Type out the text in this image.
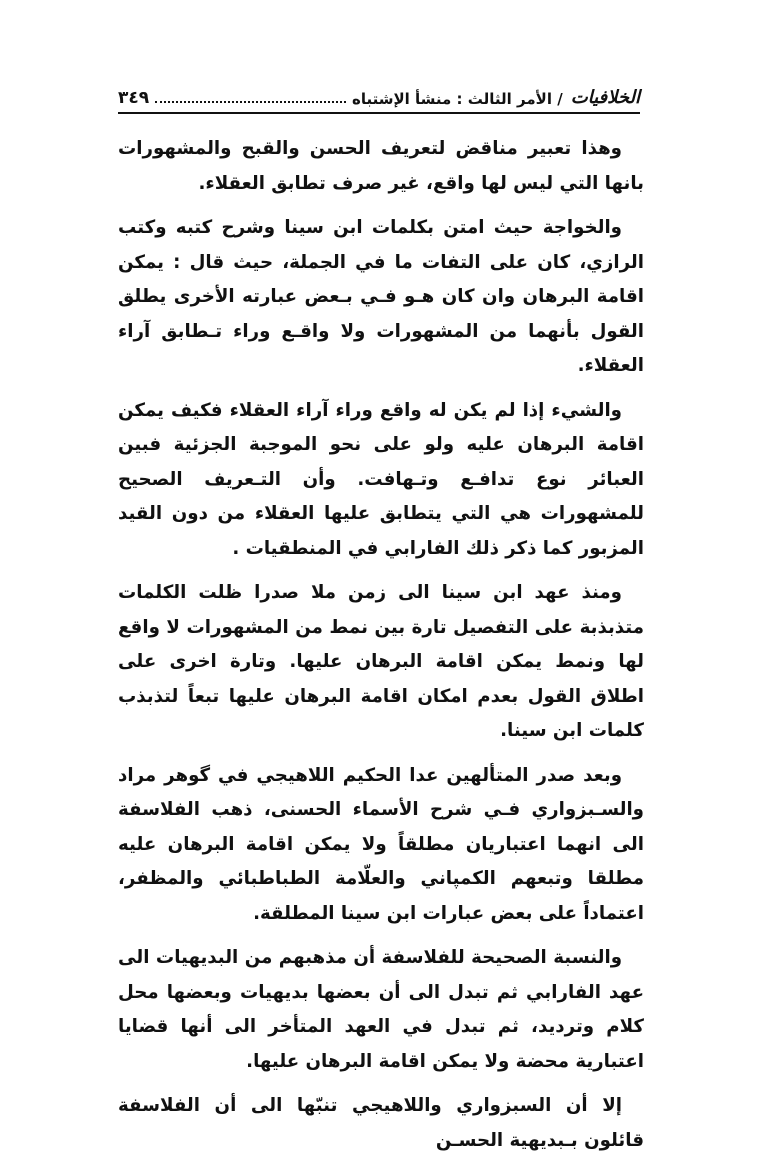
الخلافيات
/ الأمر الثالث : منشأ الإشتباه
٣٤٩

وهذا تعبير مناقض لتعريف الحسن والقبح والمشهورات بانها التي ليس لها واقع، غير صرف تطابق العقلاء.

والخواجة حيث امتن بكلمات ابن سينا وشرح كتبه وكتب الرازي، كان على التفات ما في الجملة، حيث قال : يمكن اقامة البرهان وان كان هـو فـي بـعض عبارته الأخرى يطلق القول بأنهما من المشهورات ولا واقـع وراء تـطابق آراء العقلاء.

والشيء إذا لم يكن له واقع وراء آراء العقلاء فكيف يمكن اقامة البرهان عليه ولو على نحو الموجبة الجزئية فبين العبائر نوع تدافـع وتـهافت. وأن التـعريف الصحيح للمشهورات هي التي يتطابق عليها العقلاء من دون القيد المزبور كما ذكر ذلك الفارابي في المنطقيات .

ومنذ عهد ابن سينا الى زمن ملا صدرا ظلت الكلمات متذبذبة على التفصيل تارة بين نمط من المشهورات لا واقع لها ونمط يمكن اقامة البرهان عليها. وتارة اخرى على اطلاق القول بعدم امكان اقامة البرهان عليها تبعاً لتذبذب كلمات ابن سينا.

وبعد صدر المتألهين عدا الحكيم اللاهيجي في گوهر مراد والسـبزواري فـي شرح الأسماء الحسنى، ذهب الفلاسفة الى انهما اعتباريان مطلقاً ولا يمكن اقامة البرهان عليه مطلقا وتبعهم الكمپاني والعلّامة الطباطبائي والمظفر، اعتماداً على بعض عبارات ابن سينا المطلقة.

والنسبة الصحيحة للفلاسفة أن مذهبهم من البديهيات الى عهد الفارابي ثم تبدل الى أن بعضها بديهيات وبعضها محل كلام وترديد، ثم تبدل في العهد المتأخر الى أنها قضايا اعتبارية محضة ولا يمكن اقامة البرهان عليها.

إلا أن السبزواري واللاهيجي تنبّها الى أن الفلاسفة قائلون بـبديهية الحسـن
